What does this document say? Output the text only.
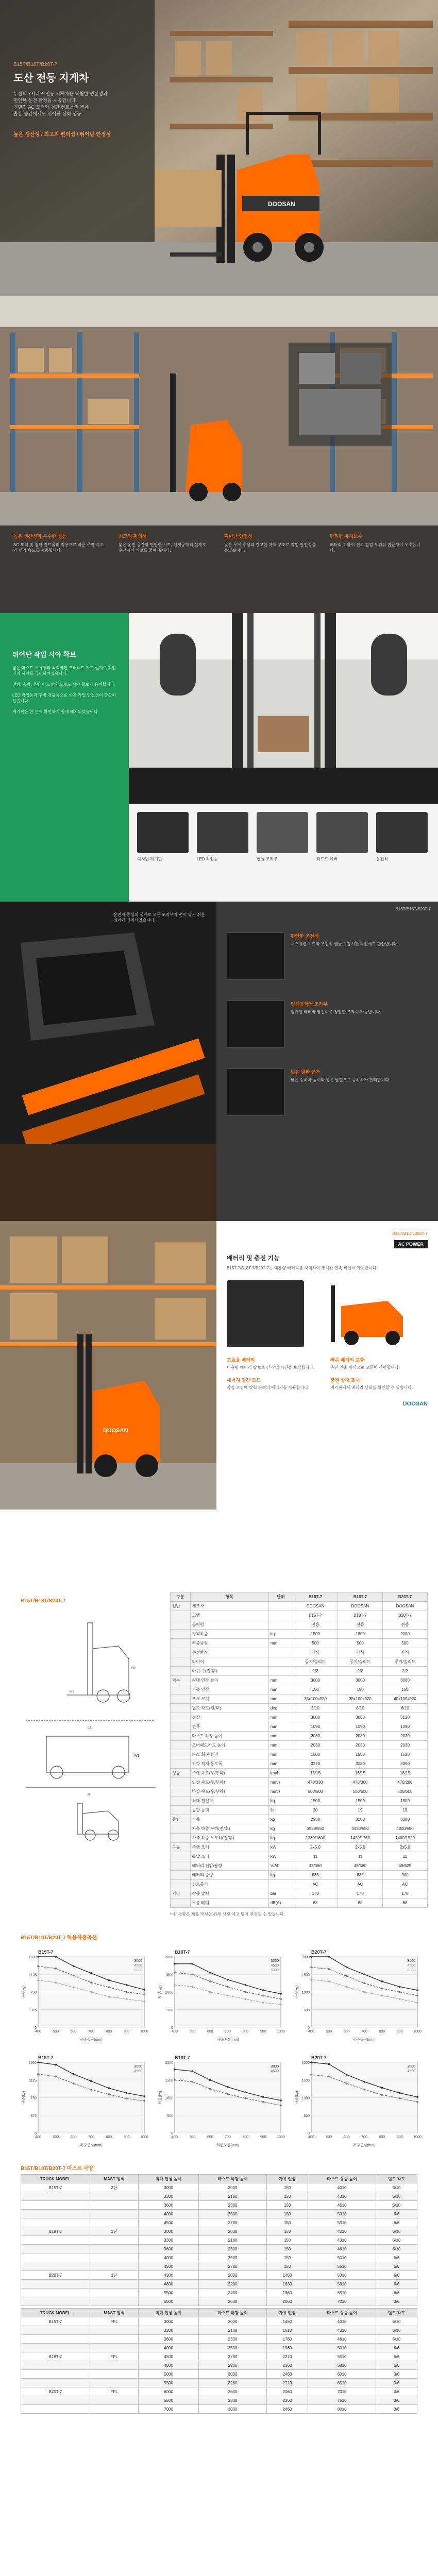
DOOSAN
B15T/B18T/B20T-7
도산 전동 지게차
두산의 7시리즈 전동 지게차는 탁월한 생산성과
편안한 운전 환경을 제공합니다.
친환경 AC 모터와 첨단 컨트롤러 적용
좁은 공간에서도 뛰어난 선회 성능
높은 생산성 / 최고의 편의성 / 뛰어난 안정성
높은 생산성과 우수한 성능
AC 모터 및 첨단 컨트롤러 적용으로 빠른 주행 속도와 인양 속도를 제공합니다.
최고의 편의성
넓은 운전 공간과 편안한 시트, 인체공학적 설계로 운전자의 피로를 줄여 줍니다.
뛰어난 안정성
낮은 무게 중심과 견고한 차체 구조로 작업 안전성을 높였습니다.
편리한 유지보수
배터리 교환이 쉽고 점검 부위의 접근성이 우수합니다.
뛰어난 작업 시야 확보
넓은 마스트 시야창과 최적화된 오버헤드 가드 설계로 작업자의 시야를 극대화하였습니다.
전방, 측방, 후방 어느 방향으로도 시야 확보가 용이합니다.
LED 작업등과 후방 경광등으로 야간 작업 안전성이 향상되었습니다.
계기판은 한 눈에 확인하기 쉽게 배치되었습니다.
디지털 계기판	LED 작업등	핸들 조작부	리프트 레버	운전석
운전자 중심의 설계로 모든 조작부가 손이 닿기 쉬운 위치에 배치되었습니다.
B15T/B18T/B20T-7
편안한 운전석
서스펜션 시트와 조절식 핸들로 장시간 작업에도 편안합니다.
인체공학적 조작부
핑거팁 레버와 팔걸이로 정밀한 조작이 가능합니다.
넓은 발판 공간
낮은 승하차 높이와 넓은 발판으로 승하차가 편리합니다.
DOOSAN
B15T/B18T/B20T-7
AC POWER
배터리 및 충전 기능
B15T-7/B18T-7/B20T-7는 대용량 배터리를 채택하여 장시간 연속 작업이 가능합니다.
고효율 배터리
대용량 배터리 탑재로 긴 작업 시간을 보장합니다.
빠른 배터리 교환
측면 인출 방식으로 교환이 간편합니다.
에너지 절감 모드
작업 조건에 맞춰 최적의 에너지를 사용합니다.
충전 상태 표시
계기판에서 배터리 상태를 확인할 수 있습니다.
DOOSAN
B15T/B18T/B20T-7
H1
H2
L1
W1
R
구분	항목	단위	B15T-7	B18T-7	B20T-7
일반	제조사		DOOSAN	DOOSAN	DOOSAN
	모델		B15T-7	B18T-7	B20T-7
	동력원		전동	전동	전동
	정격하중	kg	1500	1800	2000
	하중중심	mm	500	500	500
	운전방식		좌식	좌식	좌식
	타이어		공기/솔리드	공기/솔리드	공기/솔리드
	바퀴 수(전/후)		2/2	2/2	2/2
치수	최대 인상 높이	mm	3000	3000	3000
	자유 인상	mm	150	150	150
	포크 크기	mm	35x100x920	35x100x920	40x100x920
	틸트 각도(전/후)	deg	6/10	6/10	6/10
	전장	mm	3000	3060	3120
	전폭	mm	1090	1090	1090
	마스트 하강 높이	mm	2030	2030	2030
	오버헤드가드 높이	mm	2030	2030	2030
	최소 회전 반경	mm	1500	1560	1620
	직각 적재 통로폭	mm	3220	3280	3350
성능	주행 속도(무/부하)	km/h	16/15	16/15	16/15
	인상 속도(무/부하)	mm/s	470/330	470/300	470/280
	하강 속도(무/부하)	mm/s	500/500	500/500	500/500
	최대 견인력	kg	1500	1500	1500
	등판 능력	%	20	19	18
중량	자중	kg	2980	3180	3380
	차축 하중 부하(전/후)	kg	3930/550	4430/550	4800/580
	차축 하중 무부하(전/후)	kg	1380/1600	1420/1760	1460/1920
구동	주행 모터	kW	2x5.0	2x5.0	2x5.0
	유압 모터	kW	11	11	11
	배터리 전압/용량	V/Ah	48/560	48/560	48/625
	배터리 중량	kg	835	835	900
	컨트롤러		AC	AC	AC
기타	작동 압력	bar	170	170	170
	소음 레벨	dB(A)	68	68	68
* 위 사양은 제품 개선을 위해 사전 예고 없이 변경될 수 있습니다.
B15T/B18T/B20T-7 허용하중곡선
0
375
750
1125
1500
400	500	600	700	800	900	1000
3000
4500
6000
B15T-7
하중중심(mm)
하중(kg)
0
500
1000
1500
2000
400	500	600	700	800	900	1000
3000
4500
6000
B18T-7
하중중심(mm)
하중(kg)
0
500
1000
1500
2000
400	500	600	700	800	900	1000
3000
4500
6000
B20T-7
하중중심(mm)
하중(kg)
0
375
750
1125
1500
400	500	600	700	800	900	1000
3000
4500
B15T-7
하중중심(mm)
하중(kg)
0
500
1000
1500
2000
400	500	600	700	800	900	1000
3000
4500
B18T-7
하중중심(mm)
하중(kg)
0
500
1000
1500
2000
400	500	600	700	800	900	1000
3000
4500
B20T-7
하중중심(mm)
하중(kg)
B15T/B18T/B20T-7 마스트 사양
TRUCK MODEL	MAST 형식	최대 인상 높이	마스트 하강 높이	자유 인상	마스트 상승 높이	틸트 각도
B15T-7	2단	3000	2030	150	4010	6/10
		3300	2180	150	4310	6/10
		3600	2330	150	4610	6/10
		4000	2530	150	5010	6/6
		4500	2780	150	5510	6/6
B18T-7	2단	3000	2030	150	4010	6/10
		3300	2180	150	4310	6/10
		3600	2330	150	4610	6/10
		4000	2530	150	5010	6/6
		4500	2780	150	5510	6/6
B20T-7	3단	4300	2030	1460	5310	6/6
		4800	2200	1630	5810	6/6
		5500	2430	1860	6510	6/6
		6000	2630	2060	7010	3/6
TRUCK MODEL	MAST 형식	최대 인상 높이	마스트 하강 높이	자유 인상	마스트 상승 높이	틸트 각도
B15T-7	FFL	3000	2030	1460	4010	6/10
		3300	2180	1610	4310	6/10
		3600	2330	1760	4610	6/10
		4000	2530	1960	5010	6/6
B18T-7	FFL	4500	2780	2210	5510	6/6
		4800	2930	2360	5810	6/6
		5000	3030	2460	6010	3/6
		5500	3280	2710	6510	3/6
B20T-7	FFL	6000	2630	2060	7010	3/6
		6500	2830	2260	7510	3/6
		7000	3030	2460	8010	3/6
